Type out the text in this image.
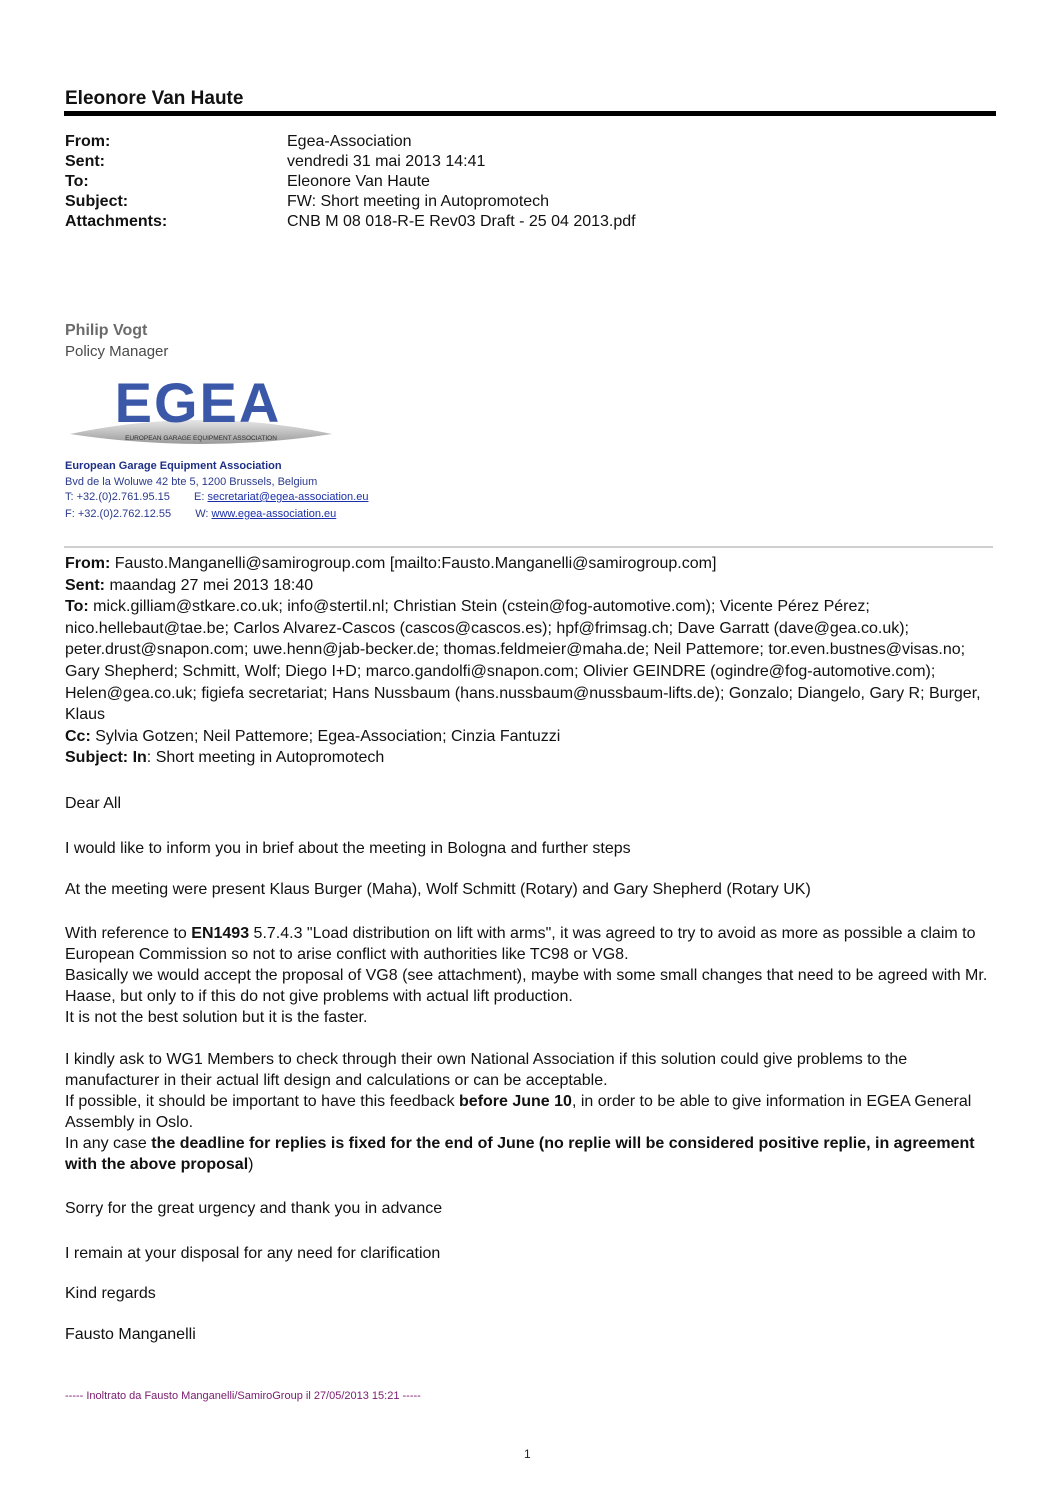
Eleonore Van Haute
From:	Egea-Association
Sent:	vendredi 31 mai 2013 14:41
To:	Eleonore Van Haute
Subject:	FW: Short meeting in Autopromotech
Attachments:	CNB M 08 018-R-E Rev03 Draft - 25 04 2013.pdf
Philip Vogt
Policy Manager
EGEA
EUROPEAN GARAGE EQUIPMENT ASSOCIATION
European Garage Equipment Association
Bvd de la Woluwe 42 bte 5, 1200 Brussels, Belgium
T: +32.(0)2.761.95.15 E: secretariat@egea-association.eu
F: +32.(0)2.762.12.55 W: www.egea-association.eu

From: Fausto.Manganelli@samirogroup.com [mailto:Fausto.Manganelli@samirogroup.com]

Sent: maandag 27 mei 2013 18:40

To: mick.gilliam@stkare.co.uk; info@stertil.nl; Christian Stein (cstein@fog-automotive.com); Vicente Pérez Pérez; nico.hellebaut@tae.be; Carlos Alvarez-Cascos (cascos@cascos.es); hpf@frimsag.ch; Dave Garratt (dave@gea.co.uk); peter.drust@snapon.com; uwe.henn@jab-becker.de; thomas.feldmeier@maha.de; Neil Pattemore; tor.even.bustnes@visas.no; Gary Shepherd; Schmitt, Wolf; Diego I+D; marco.gandolfi@snapon.com; Olivier GEINDRE (ogindre@fog-automotive.com); Helen@gea.co.uk; figiefa secretariat; Hans Nussbaum (hans.nussbaum@nussbaum-lifts.de); Gonzalo; Diangelo, Gary R; Burger, Klaus

Cc: Sylvia Gotzen; Neil Pattemore; Egea-Association; Cinzia Fantuzzi

Subject: In: Short meeting in Autopromotech

Dear All
I would like to inform you in brief about the meeting in Bologna and further steps
At the meeting were present Klaus Burger (Maha), Wolf Schmitt (Rotary) and Gary Shepherd (Rotary UK)

With reference to EN1493 5.7.4.3 "Load distribution on lift with arms", it was agreed to try to avoid as more as possible a claim to European Commission so not to arise conflict with authorities like TC98 or VG8.

Basically we would accept the proposal of VG8 (see attachment), maybe with some small changes that need to be agreed with Mr. Haase, but only to if this do not give problems with actual lift production.

It is not the best solution but it is the faster.

I kindly ask to WG1 Members to check through their own National Association if this solution could give problems to the manufacturer in their actual lift design and calculations or can be acceptable.

If possible, it should be important to have this feedback before June 10, in order to be able to give information in EGEA General Assembly in Oslo.

In any case the deadline for replies is fixed for the end of June (no replie will be considered positive replie, in agreement with the above proposal)

Sorry for the great urgency and thank you in advance
I remain at your disposal for any need for clarification
Kind regards
Fausto Manganelli
----- Inoltrato da Fausto Manganelli/SamiroGroup il 27/05/2013 15:21 -----
1
